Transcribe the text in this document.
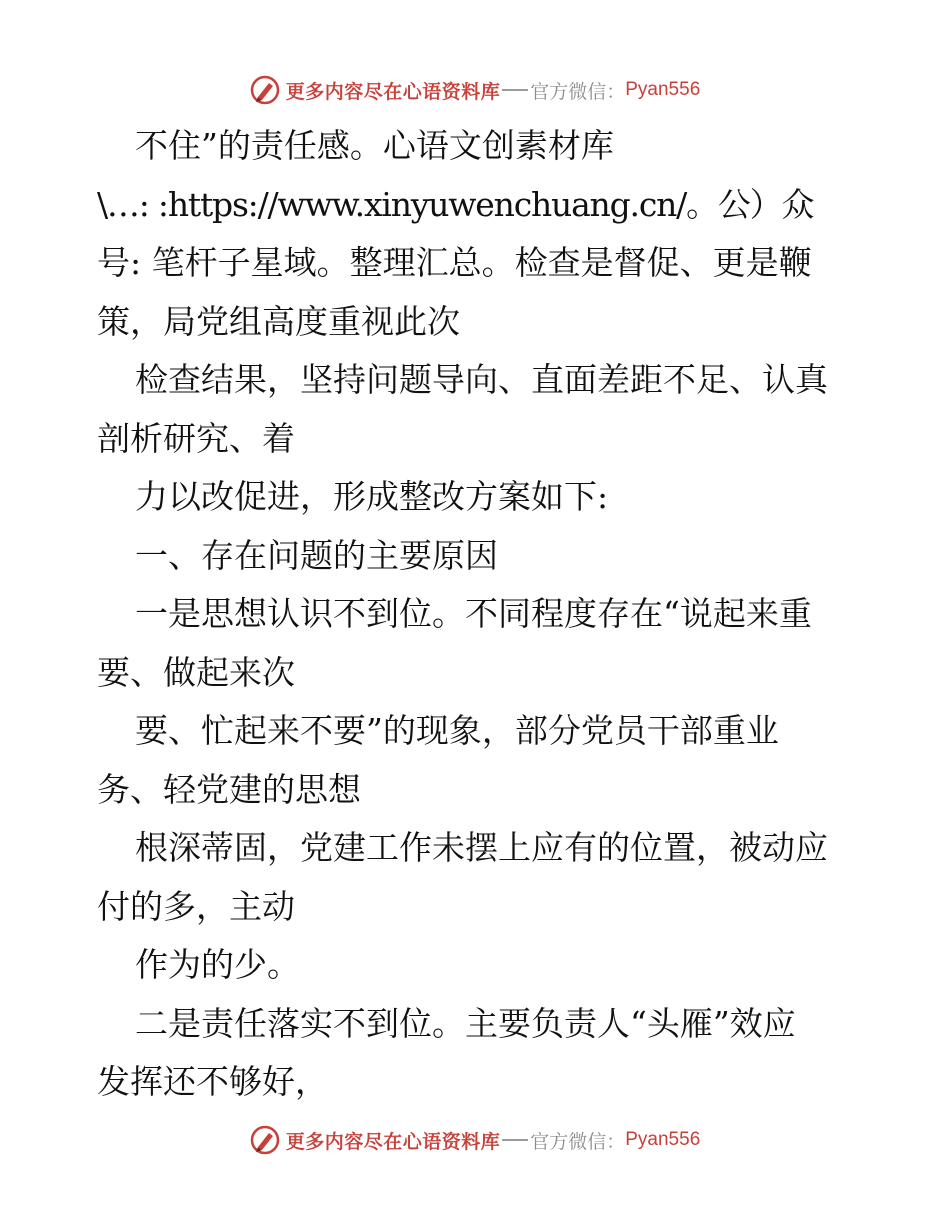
更多内容尽在心语资料库 官方微信： Pyan556
不住”的责任感。心语文创素材库
\…: :https://www.xinyuwenchuang.cn/。公）众
号: 笔杆子星域。整理汇总。检查是督促、更是鞭
策，局党组高度重视此次
检查结果，坚持问题导向、直面差距不足、认真
剖析研究、着
力以改促进，形成整改方案如下:
一、存在问题的主要原因
一是思想认识不到位。不同程度存在“说起来重
要、做起来次
要、忙起来不要”的现象，部分党员干部重业
务、轻党建的思想
根深蒂固，党建工作未摆上应有的位置，被动应
付的多，主动
作为的少。
二是责任落实不到位。主要负责人“头雁”效应
发挥还不够好，
更多内容尽在心语资料库 官方微信： Pyan556
